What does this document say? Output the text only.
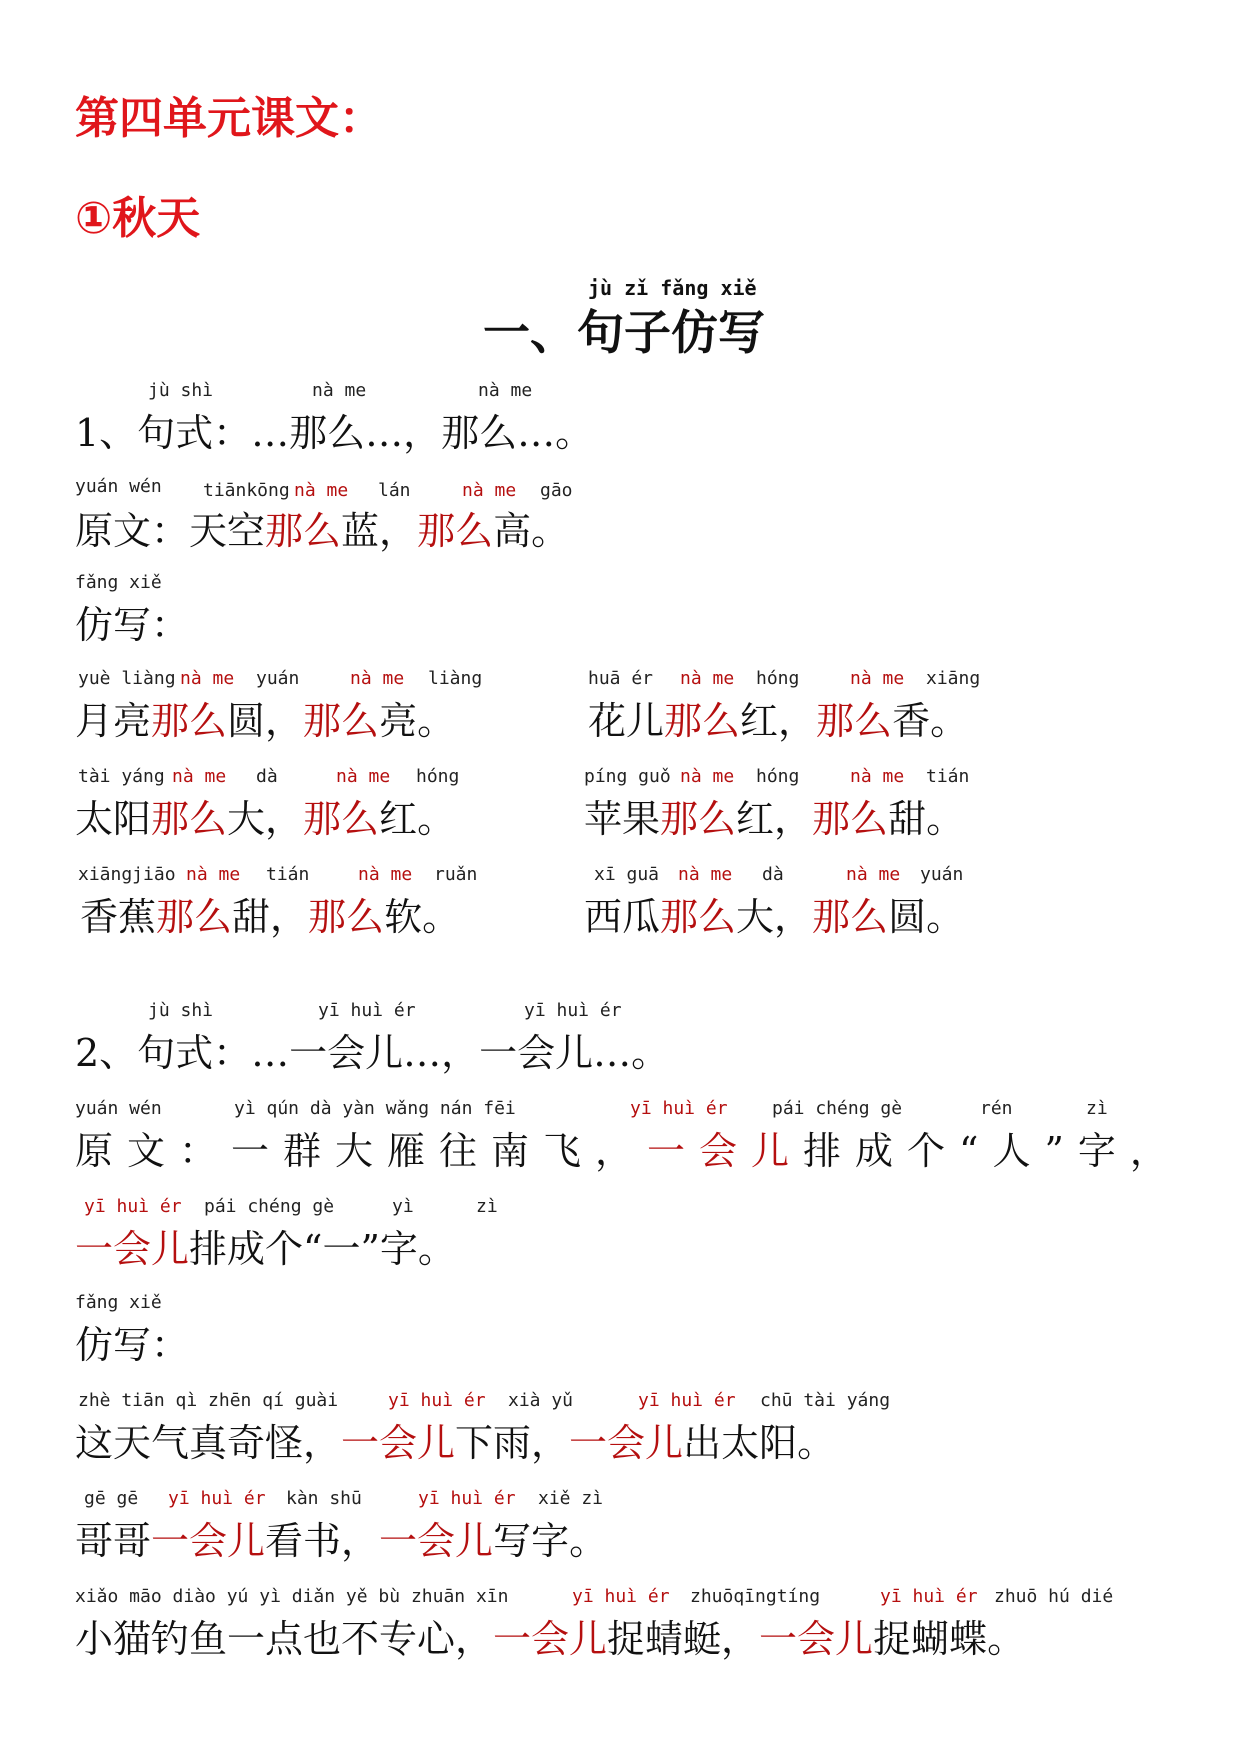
第四单元课文：
①秋天
jù zǐ fǎng xiě
一、句子仿写
jù shì	nà me	nà me
1、句式：…那么…，那么…。
yuán wén tiānkōng nà me lán	nà me gāo
原文：天空那么蓝，那么高。
fǎng xiě
仿写：
yuè liàng nà me yuán	nà me liàng
月亮那么圆，那么亮。
huā ér nà me hóng	nà me xiāng
花儿那么红，那么香。
tài yáng nà me dà	nà me hóng
太阳那么大，那么红。
píng guǒ nà me hóng	nà me tián
苹果那么红，那么甜。
xiāngjiāo nà me tián	nà me ruǎn
香蕉那么甜，那么软。
xī guā nà me dà	nà me yuán
西瓜那么大，那么圆。
jù shì	yī huì ér	yī huì ér
2、句式：…一会儿…，一会儿…。
yuán wén	yì qún dà yàn wǎng nán fēi	yī huì ér pái chéng gè	rén	zì
原文：一群大雁往南飞，一会儿排成个“人”字，
yī huì ér pái chéng gè	yì	zì
一会儿排成个“一”字。
fǎng xiě
仿写：
zhè tiān qì zhēn qí guài	yī huì ér xià yǔ	yī huì ér chū tài yáng
这天气真奇怪，一会儿下雨，一会儿出太阳。
gē gē yī huì ér kàn shū	yī huì ér xiě zì
哥哥一会儿看书，一会儿写字。
xiǎo māo diào yú yì diǎn yě bù zhuān xīn	yī huì ér zhuōqīngtíng	yī huì ér zhuō hú dié
小猫钓鱼一点也不专心，一会儿捉蜻蜓，一会儿捉蝴蝶。
